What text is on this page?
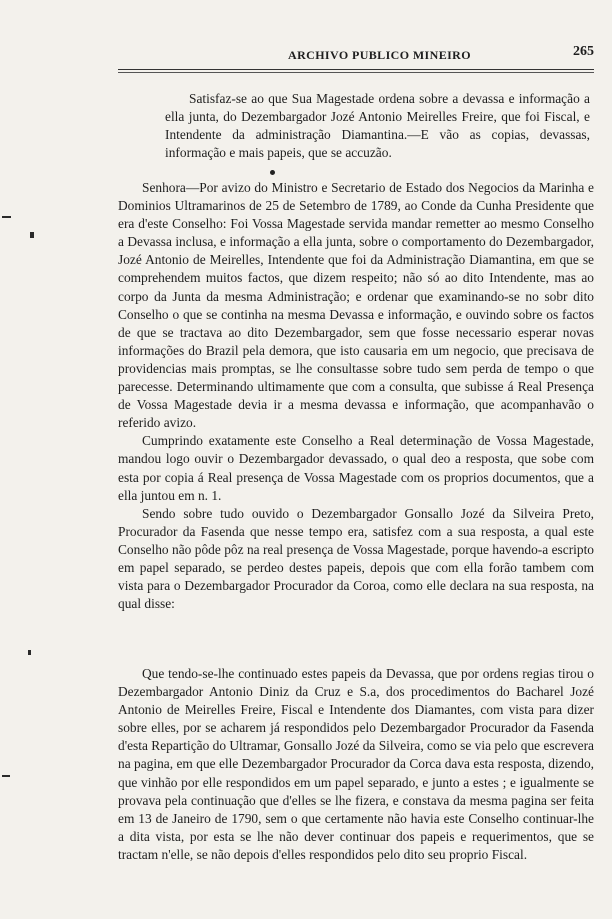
ARCHIVO PUBLICO MINEIRO	265

Satisfaz-se ao que Sua Magestade ordena sobre a devassa e informação a ella junta, do Dezembargador Jozé Antonio Meirelles Freire, que foi Fiscal, e Intendente da administração Diamantina.—E vão as copias, devassas, informação e mais papeis, que se accuzão.

Senhora—Por avizo do Ministro e Secretario de Estado dos Negocios da Marinha e Dominios Ultramarinos de 25 de Setembro de 1789, ao Conde da Cunha Presidente que era d'este Conselho: Foi Vossa Magestade servida mandar remetter ao mesmo Conselho a Devassa inclusa, e informação a ella junta, sobre o comportamento do Dezembargador, Jozé Antonio de Meirelles, Intendente que foi da Administração Diamantina, em que se comprehendem muitos factos, que dizem respeito; não só ao dito Intendente, mas ao corpo da Junta da mesma Administração; e ordenar que examinando-se no sobr dito Conselho o que se continha na mesma Devassa e informação, e ouvindo sobre os factos de que se tractava ao dito Dezembargador, sem que fosse necessario esperar novas informações do Brazil pela demora, que isto causaria em um negocio, que precisava de providencias mais promptas, se lhe consultasse sobre tudo sem perda de tempo o que parecesse. Determinando ultimamente que com a consulta, que subisse á Real Presença de Vossa Magestade devia ir a mesma devassa e informação, que acompanhavão o referido avizo.

Cumprindo exatamente este Conselho a Real determinação de Vossa Magestade, mandou logo ouvir o Dezembargador devassado, o qual deo a resposta, que sobe com esta por copia á Real presença de Vossa Magestade com os proprios documentos, que a ella juntou em n. 1.

Sendo sobre tudo ouvido o Dezembargador Gonsallo Jozé da Silveira Preto, Procurador da Fasenda que nesse tempo era, satisfez com a sua resposta, a qual este Conselho não pôde pôz na real presença de Vossa Magestade, porque havendo-a escripto em papel separado, se perdeo destes papeis, depois que com ella forão tambem com vista para o Dezembargador Procurador da Coroa, como elle declara na sua resposta, na qual disse:

Que tendo-se-lhe continuado estes papeis da Devassa, que por ordens regias tirou o Dezembargador Antonio Diniz da Cruz e S.a, dos procedimentos do Bacharel Jozé Antonio de Meirelles Freire, Fiscal e Intendente dos Diamantes, com vista para dizer sobre elles, por se acharem já respondidos pelo Dezembargador Procurador da Fasenda d'esta Repartição do Ultramar, Gonsallo Jozé da Silveira, como se via pelo que escrevera na pagina, em que elle Dezembargador Procurador da Corca dava esta resposta, dizendo, que vinhão por elle respondidos em um papel separado, e junto a estes ; e igualmente se provava pela continuação que d'elles se lhe fizera, e constava da mesma pagina ser feita em 13 de Janeiro de 1790, sem o que certamente não havia este Conselho continuar-lhe a dita vista, por esta se lhe não dever continuar dos papeis e requerimentos, que se tractam n'elle, se não depois d'elles respondidos pelo dito seu proprio Fiscal.
